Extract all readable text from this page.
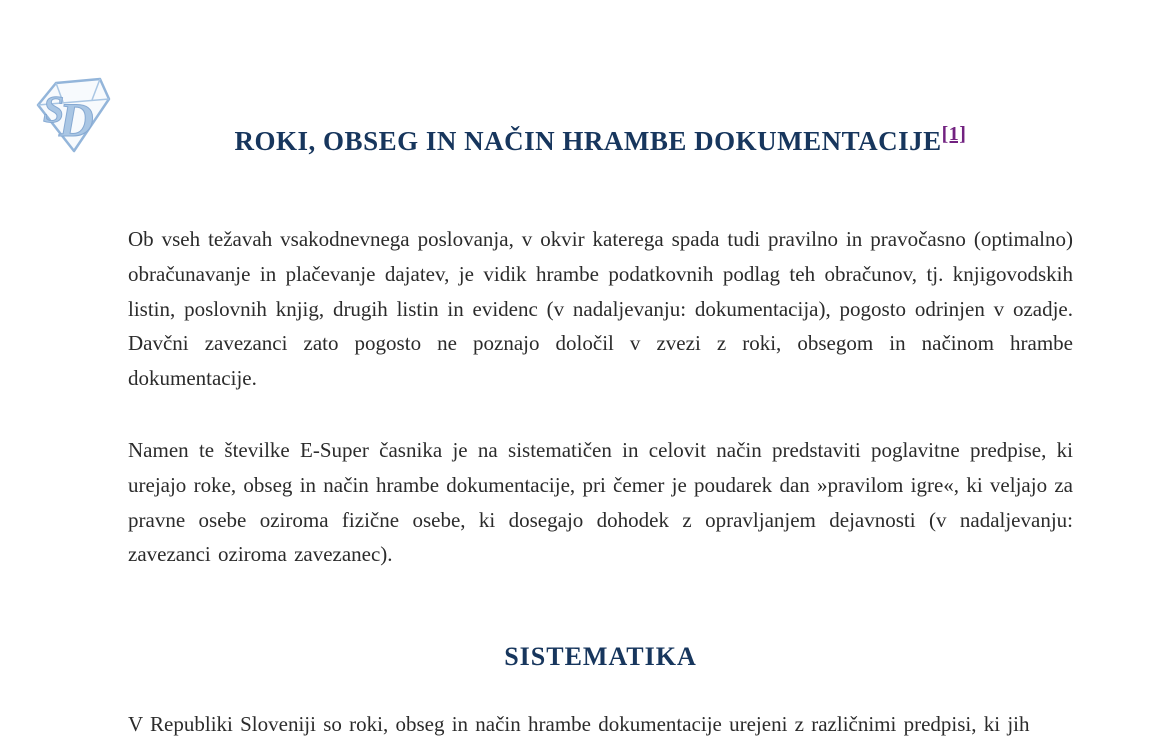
S
D	ROKI, OBSEG IN NAČIN HRAMBE DOKUMENTACIJE[1]

Ob vseh težavah vsakodnevnega poslovanja, v okvir katerega spada tudi pravilno in pravočasno (optimalno) obračunavanje in plačevanje dajatev, je vidik hrambe podatkovnih podlag teh obračunov, tj. knjigovodskih listin, poslovnih knjig, drugih listin in evidenc (v nadaljevanju: dokumentacija), pogosto odrinjen v ozadje. Davčni zavezanci zato pogosto ne poznajo določil v zvezi z roki, obsegom in načinom hrambe dokumentacije.

Namen te številke E-Super časnika je na sistematičen in celovit način predstaviti poglavitne predpise, ki urejajo roke, obseg in način hrambe dokumentacije, pri čemer je poudarek dan »pravilom igre«, ki veljajo za pravne osebe oziroma fizične osebe, ki dosegajo dohodek z opravljanjem dejavnosti (v nadaljevanju: zavezanci oziroma zavezanec).

SISTEMATIKA

V Republiki Sloveniji so roki, obseg in način hrambe dokumentacije urejeni z različnimi predpisi, ki jih
